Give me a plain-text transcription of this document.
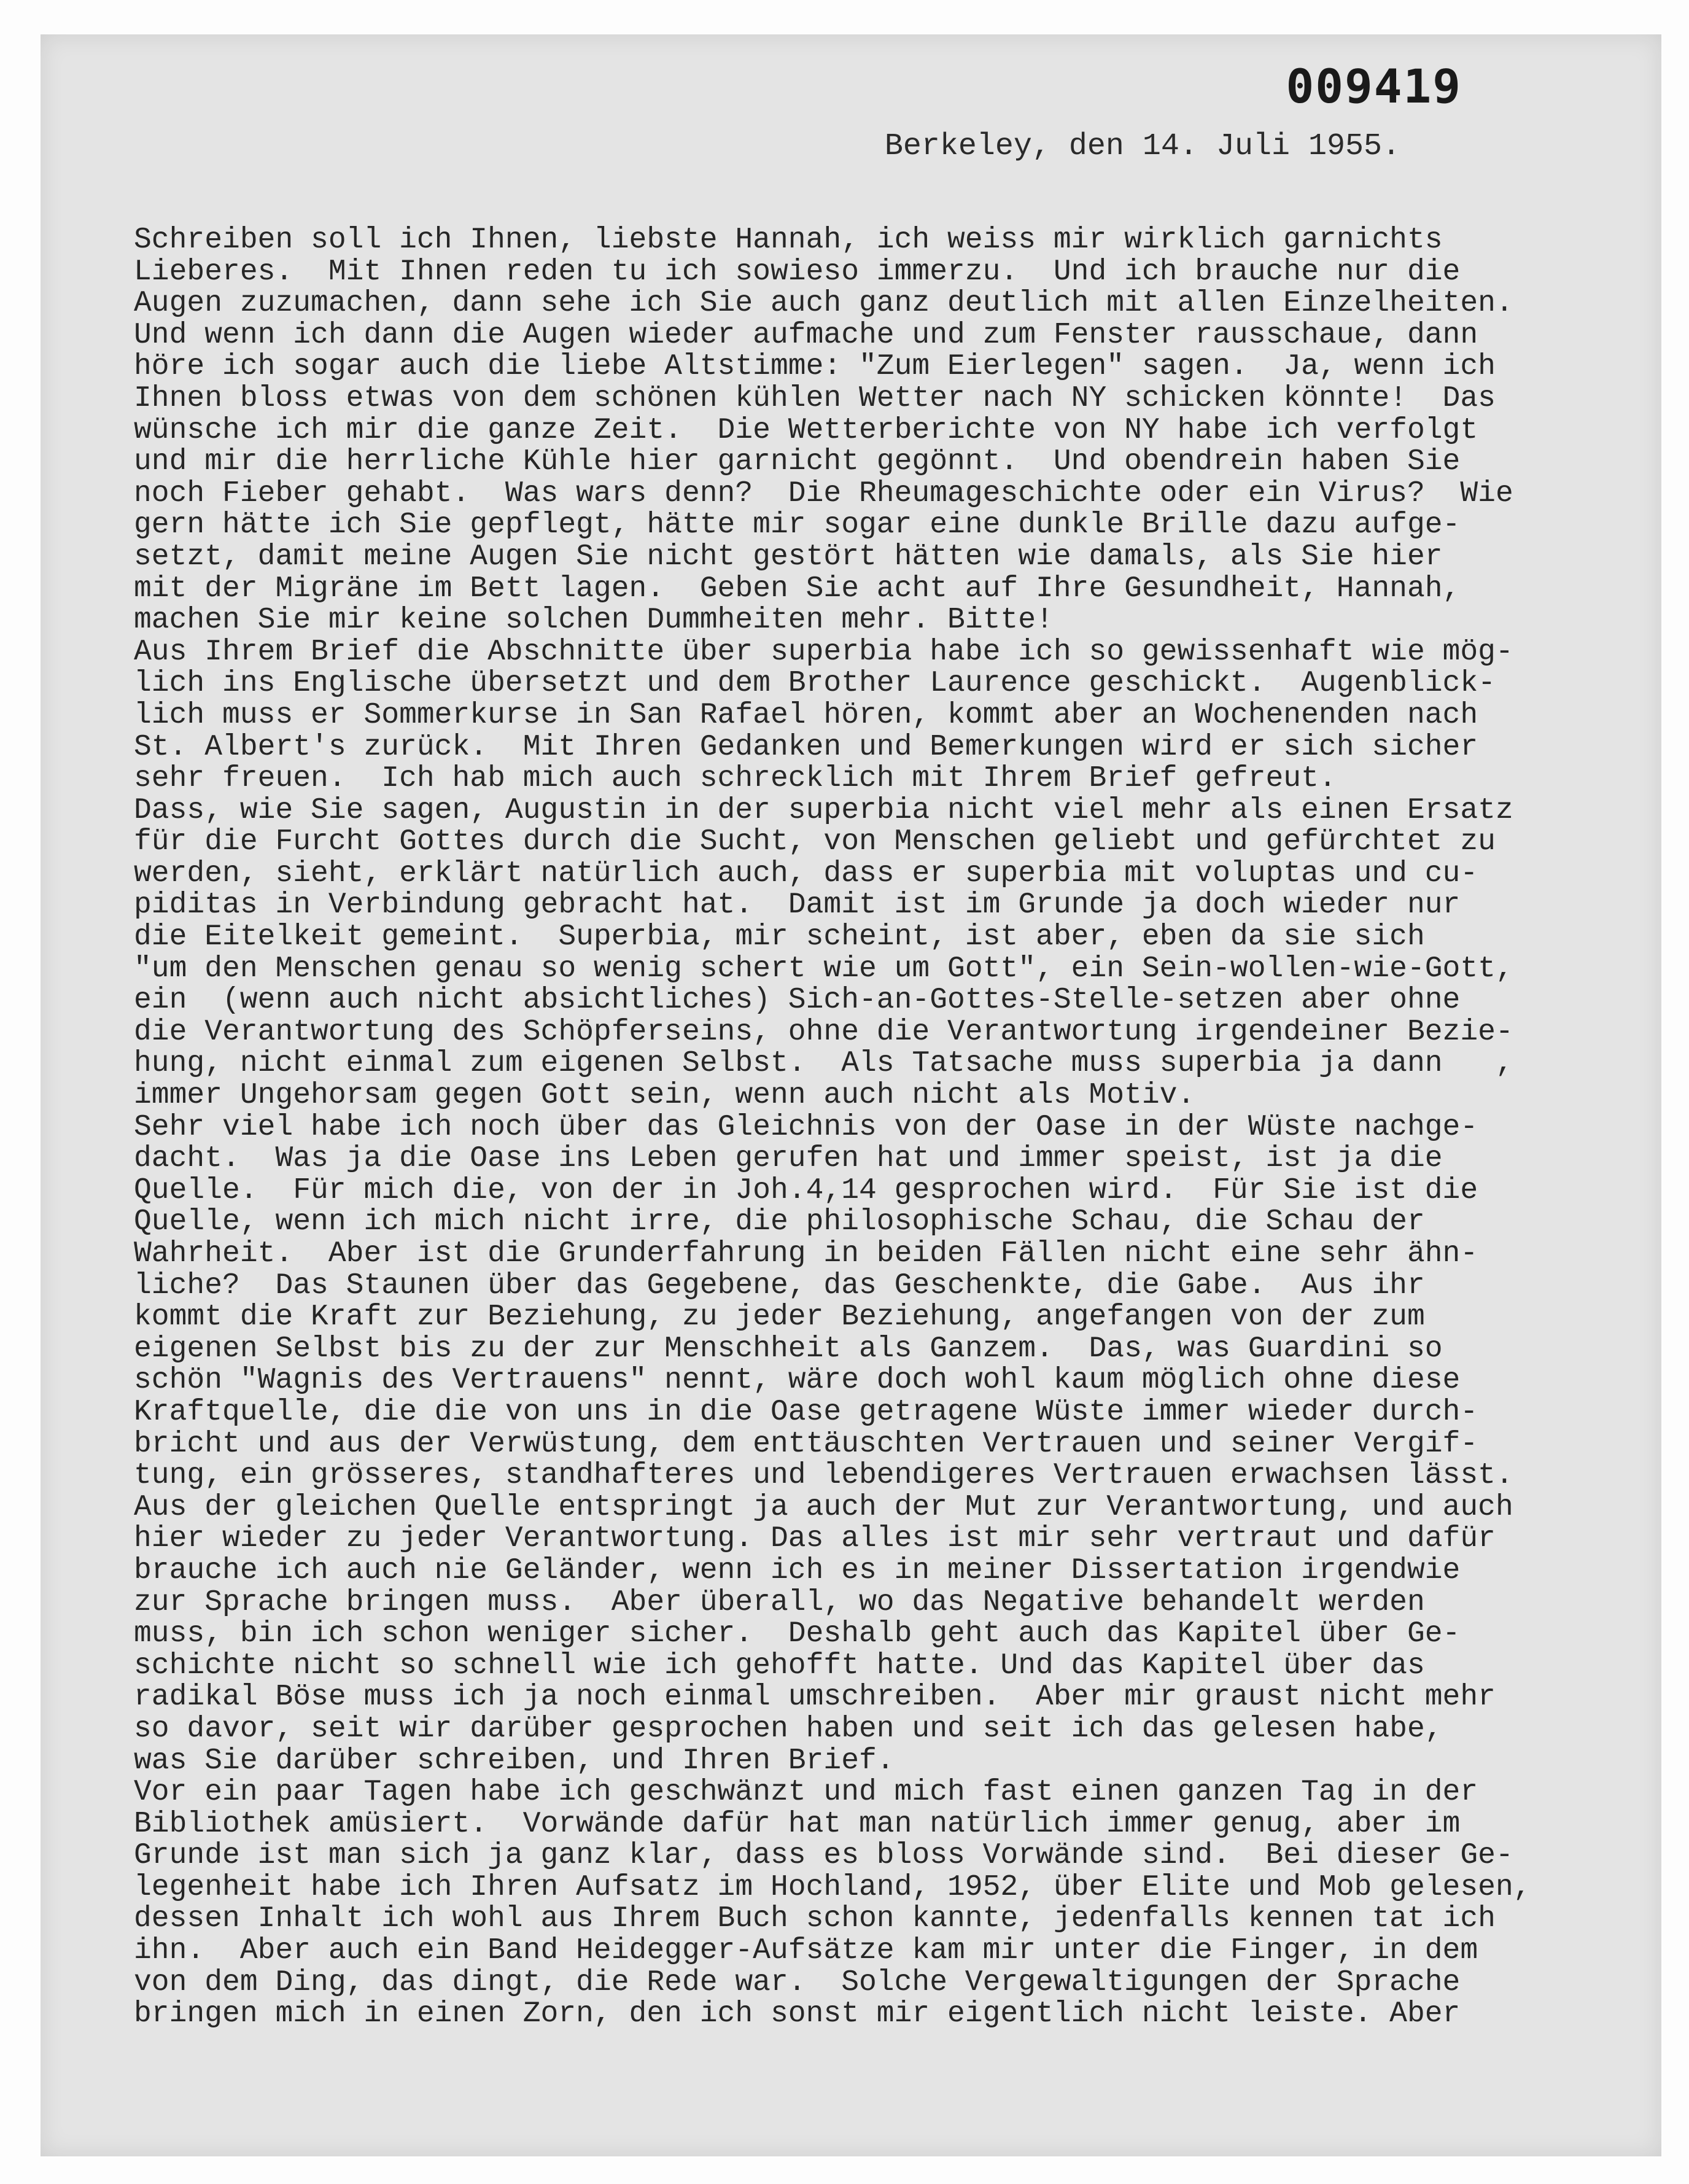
009419
Berkeley, den 14. Juli 1955.
Schreiben soll ich Ihnen, liebste Hannah, ich weiss mir wirklich garnichts
Lieberes.  Mit Ihnen reden tu ich sowieso immerzu.  Und ich brauche nur die
Augen zuzumachen, dann sehe ich Sie auch ganz deutlich mit allen Einzelheiten.
Und wenn ich dann die Augen wieder aufmache und zum Fenster rausschaue, dann
höre ich sogar auch die liebe Altstimme: "Zum Eierlegen" sagen.  Ja, wenn ich
Ihnen bloss etwas von dem schönen kühlen Wetter nach NY schicken könnte!  Das
wünsche ich mir die ganze Zeit.  Die Wetterberichte von NY habe ich verfolgt
und mir die herrliche Kühle hier garnicht gegönnt.  Und obendrein haben Sie
noch Fieber gehabt.  Was wars denn?  Die Rheumageschichte oder ein Virus?  Wie
gern hätte ich Sie gepflegt, hätte mir sogar eine dunkle Brille dazu aufge-
setzt, damit meine Augen Sie nicht gestört hätten wie damals, als Sie hier
mit der Migräne im Bett lagen.  Geben Sie acht auf Ihre Gesundheit, Hannah,
machen Sie mir keine solchen Dummheiten mehr. Bitte!
Aus Ihrem Brief die Abschnitte über superbia habe ich so gewissenhaft wie mög-
lich ins Englische übersetzt und dem Brother Laurence geschickt.  Augenblick-
lich muss er Sommerkurse in San Rafael hören, kommt aber an Wochenenden nach
St. Albert's zurück.  Mit Ihren Gedanken und Bemerkungen wird er sich sicher
sehr freuen.  Ich hab mich auch schrecklich mit Ihrem Brief gefreut.
Dass, wie Sie sagen, Augustin in der superbia nicht viel mehr als einen Ersatz
für die Furcht Gottes durch die Sucht, von Menschen geliebt und gefürchtet zu
werden, sieht, erklärt natürlich auch, dass er superbia mit voluptas und cu-
piditas in Verbindung gebracht hat.  Damit ist im Grunde ja doch wieder nur
die Eitelkeit gemeint.  Superbia, mir scheint, ist aber, eben da sie sich
"um den Menschen genau so wenig schert wie um Gott", ein Sein-wollen-wie-Gott,
ein  (wenn auch nicht absichtliches) Sich-an-Gottes-Stelle-setzen aber ohne
die Verantwortung des Schöpferseins, ohne die Verantwortung irgendeiner Bezie-
hung, nicht einmal zum eigenen Selbst.  Als Tatsache muss superbia ja dann   ,
immer Ungehorsam gegen Gott sein, wenn auch nicht als Motiv.
Sehr viel habe ich noch über das Gleichnis von der Oase in der Wüste nachge-
dacht.  Was ja die Oase ins Leben gerufen hat und immer speist, ist ja die
Quelle.  Für mich die, von der in Joh.4,14 gesprochen wird.  Für Sie ist die
Quelle, wenn ich mich nicht irre, die philosophische Schau, die Schau der
Wahrheit.  Aber ist die Grunderfahrung in beiden Fällen nicht eine sehr ähn-
liche?  Das Staunen über das Gegebene, das Geschenkte, die Gabe.  Aus ihr
kommt die Kraft zur Beziehung, zu jeder Beziehung, angefangen von der zum
eigenen Selbst bis zu der zur Menschheit als Ganzem.  Das, was Guardini so
schön "Wagnis des Vertrauens" nennt, wäre doch wohl kaum möglich ohne diese
Kraftquelle, die die von uns in die Oase getragene Wüste immer wieder durch-
bricht und aus der Verwüstung, dem enttäuschten Vertrauen und seiner Vergif-
tung, ein grösseres, standhafteres und lebendigeres Vertrauen erwachsen lässt.
Aus der gleichen Quelle entspringt ja auch der Mut zur Verantwortung, und auch
hier wieder zu jeder Verantwortung. Das alles ist mir sehr vertraut und dafür
brauche ich auch nie Geländer, wenn ich es in meiner Dissertation irgendwie
zur Sprache bringen muss.  Aber überall, wo das Negative behandelt werden
muss, bin ich schon weniger sicher.  Deshalb geht auch das Kapitel über Ge-
schichte nicht so schnell wie ich gehofft hatte. Und das Kapitel über das
radikal Böse muss ich ja noch einmal umschreiben.  Aber mir graust nicht mehr
so davor, seit wir darüber gesprochen haben und seit ich das gelesen habe,
was Sie darüber schreiben, und Ihren Brief.
Vor ein paar Tagen habe ich geschwänzt und mich fast einen ganzen Tag in der
Bibliothek amüsiert.  Vorwände dafür hat man natürlich immer genug, aber im
Grunde ist man sich ja ganz klar, dass es bloss Vorwände sind.  Bei dieser Ge-
legenheit habe ich Ihren Aufsatz im Hochland, 1952, über Elite und Mob gelesen,
dessen Inhalt ich wohl aus Ihrem Buch schon kannte, jedenfalls kennen tat ich
ihn.  Aber auch ein Band Heidegger-Aufsätze kam mir unter die Finger, in dem
von dem Ding, das dingt, die Rede war.  Solche Vergewaltigungen der Sprache
bringen mich in einen Zorn, den ich sonst mir eigentlich nicht leiste. Aber
